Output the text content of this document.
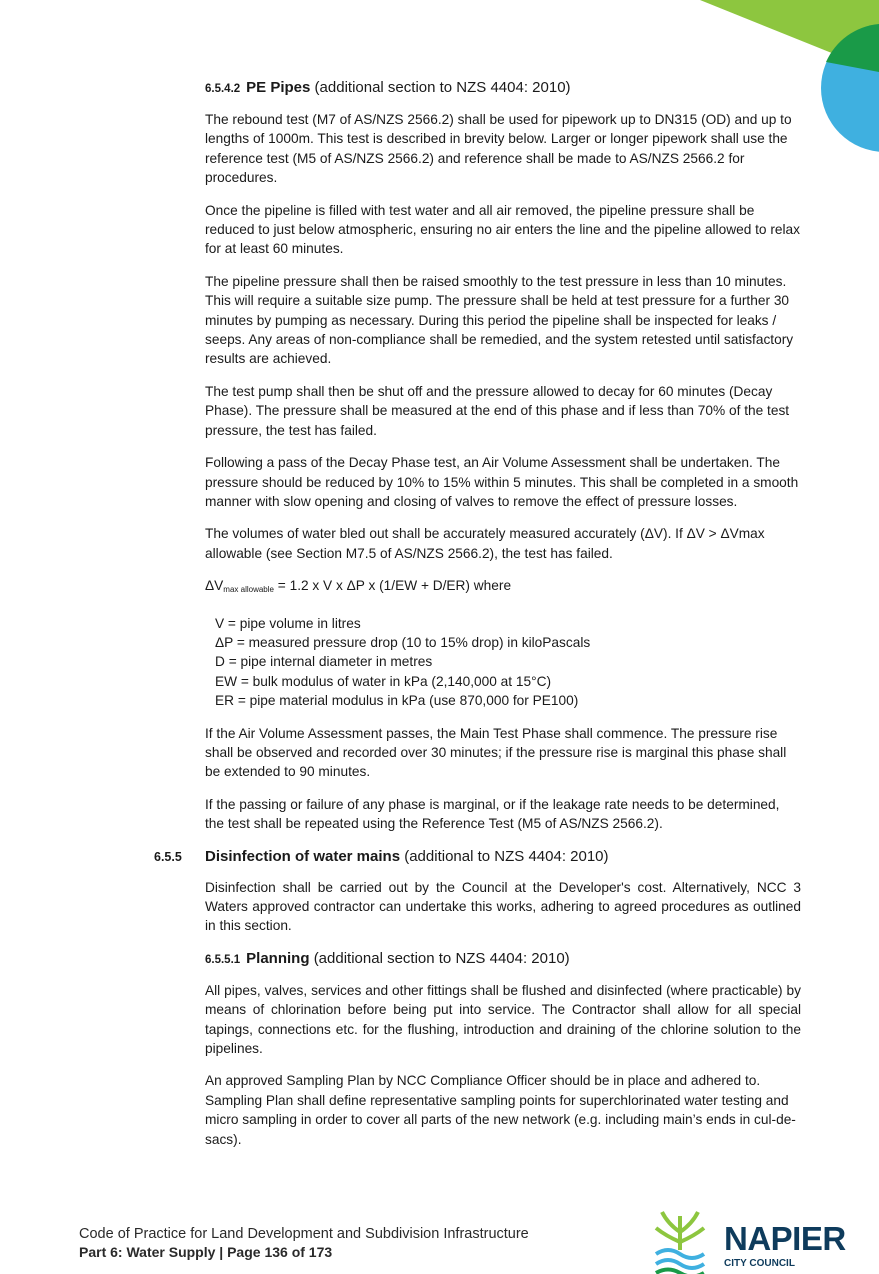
6.5.4.2 PE Pipes (additional section to NZS 4404: 2010)

The rebound test (M7 of AS/NZS 2566.2) shall be used for pipework up to DN315 (OD) and up to lengths of 1000m. This test is described in brevity below. Larger or longer pipework shall use the reference test (M5 of AS/NZS 2566.2) and reference shall be made to AS/NZS 2566.2 for procedures.

Once the pipeline is filled with test water and all air removed, the pipeline pressure shall be reduced to just below atmospheric, ensuring no air enters the line and the pipeline allowed to relax for at least 60 minutes.

The pipeline pressure shall then be raised smoothly to the test pressure in less than 10 minutes. This will require a suitable size pump. The pressure shall be held at test pressure for a further 30 minutes by pumping as necessary. During this period the pipeline shall be inspected for leaks / seeps. Any areas of non-compliance shall be remedied, and the system retested until satisfactory results are achieved.

The test pump shall then be shut off and the pressure allowed to decay for 60 minutes (Decay Phase). The pressure shall be measured at the end of this phase and if less than 70% of the test pressure, the test has failed.

Following a pass of the Decay Phase test, an Air Volume Assessment shall be undertaken. The pressure should be reduced by 10% to 15% within 5 minutes. This shall be completed in a smooth manner with slow opening and closing of valves to remove the effect of pressure losses.

The volumes of water bled out shall be accurately measured accurately (ΔV). If ΔV > ΔVmax allowable (see Section M7.5 of AS/NZS 2566.2), the test has failed.

$\Delta V_{max allowable} = 1.2$ x V x ΔP x (1/EW + D/ER) where
V = pipe volume in litres
ΔP = measured pressure drop (10 to 15% drop) in kiloPascals
D = pipe internal diameter in metres
EW = bulk modulus of water in kPa (2,140,000 at 15°C)
ER = pipe material modulus in kPa (use 870,000 for PE100)

If the Air Volume Assessment passes, the Main Test Phase shall commence. The pressure rise shall be observed and recorded over 30 minutes; if the pressure rise is marginal this phase shall be extended to 90 minutes.

If the passing or failure of any phase is marginal, or if the leakage rate needs to be determined, the test shall be repeated using the Reference Test (M5 of AS/NZS 2566.2).

6.5.5 Disinfection of water mains (additional to NZS 4404: 2010)

Disinfection shall be carried out by the Council at the Developer's cost. Alternatively, NCC 3 Waters approved contractor can undertake this works, adhering to agreed procedures as outlined in this section.

6.5.5.1 Planning (additional section to NZS 4404: 2010)

All pipes, valves, services and other fittings shall be flushed and disinfected (where practicable) by means of chlorination before being put into service. The Contractor shall allow for all special tapings, connections etc. for the flushing, introduction and draining of the chlorine solution to the pipelines.

An approved Sampling Plan by NCC Compliance Officer should be in place and adhered to. Sampling Plan shall define representative sampling points for superchlorinated water testing and micro sampling in order to cover all parts of the new network (e.g. including main’s ends in cul-de-sacs).

Code of Practice for Land Development and Subdivision Infrastructure
Part 6: Water Supply | Page 136 of 173	NAPIER
CITY COUNCIL
